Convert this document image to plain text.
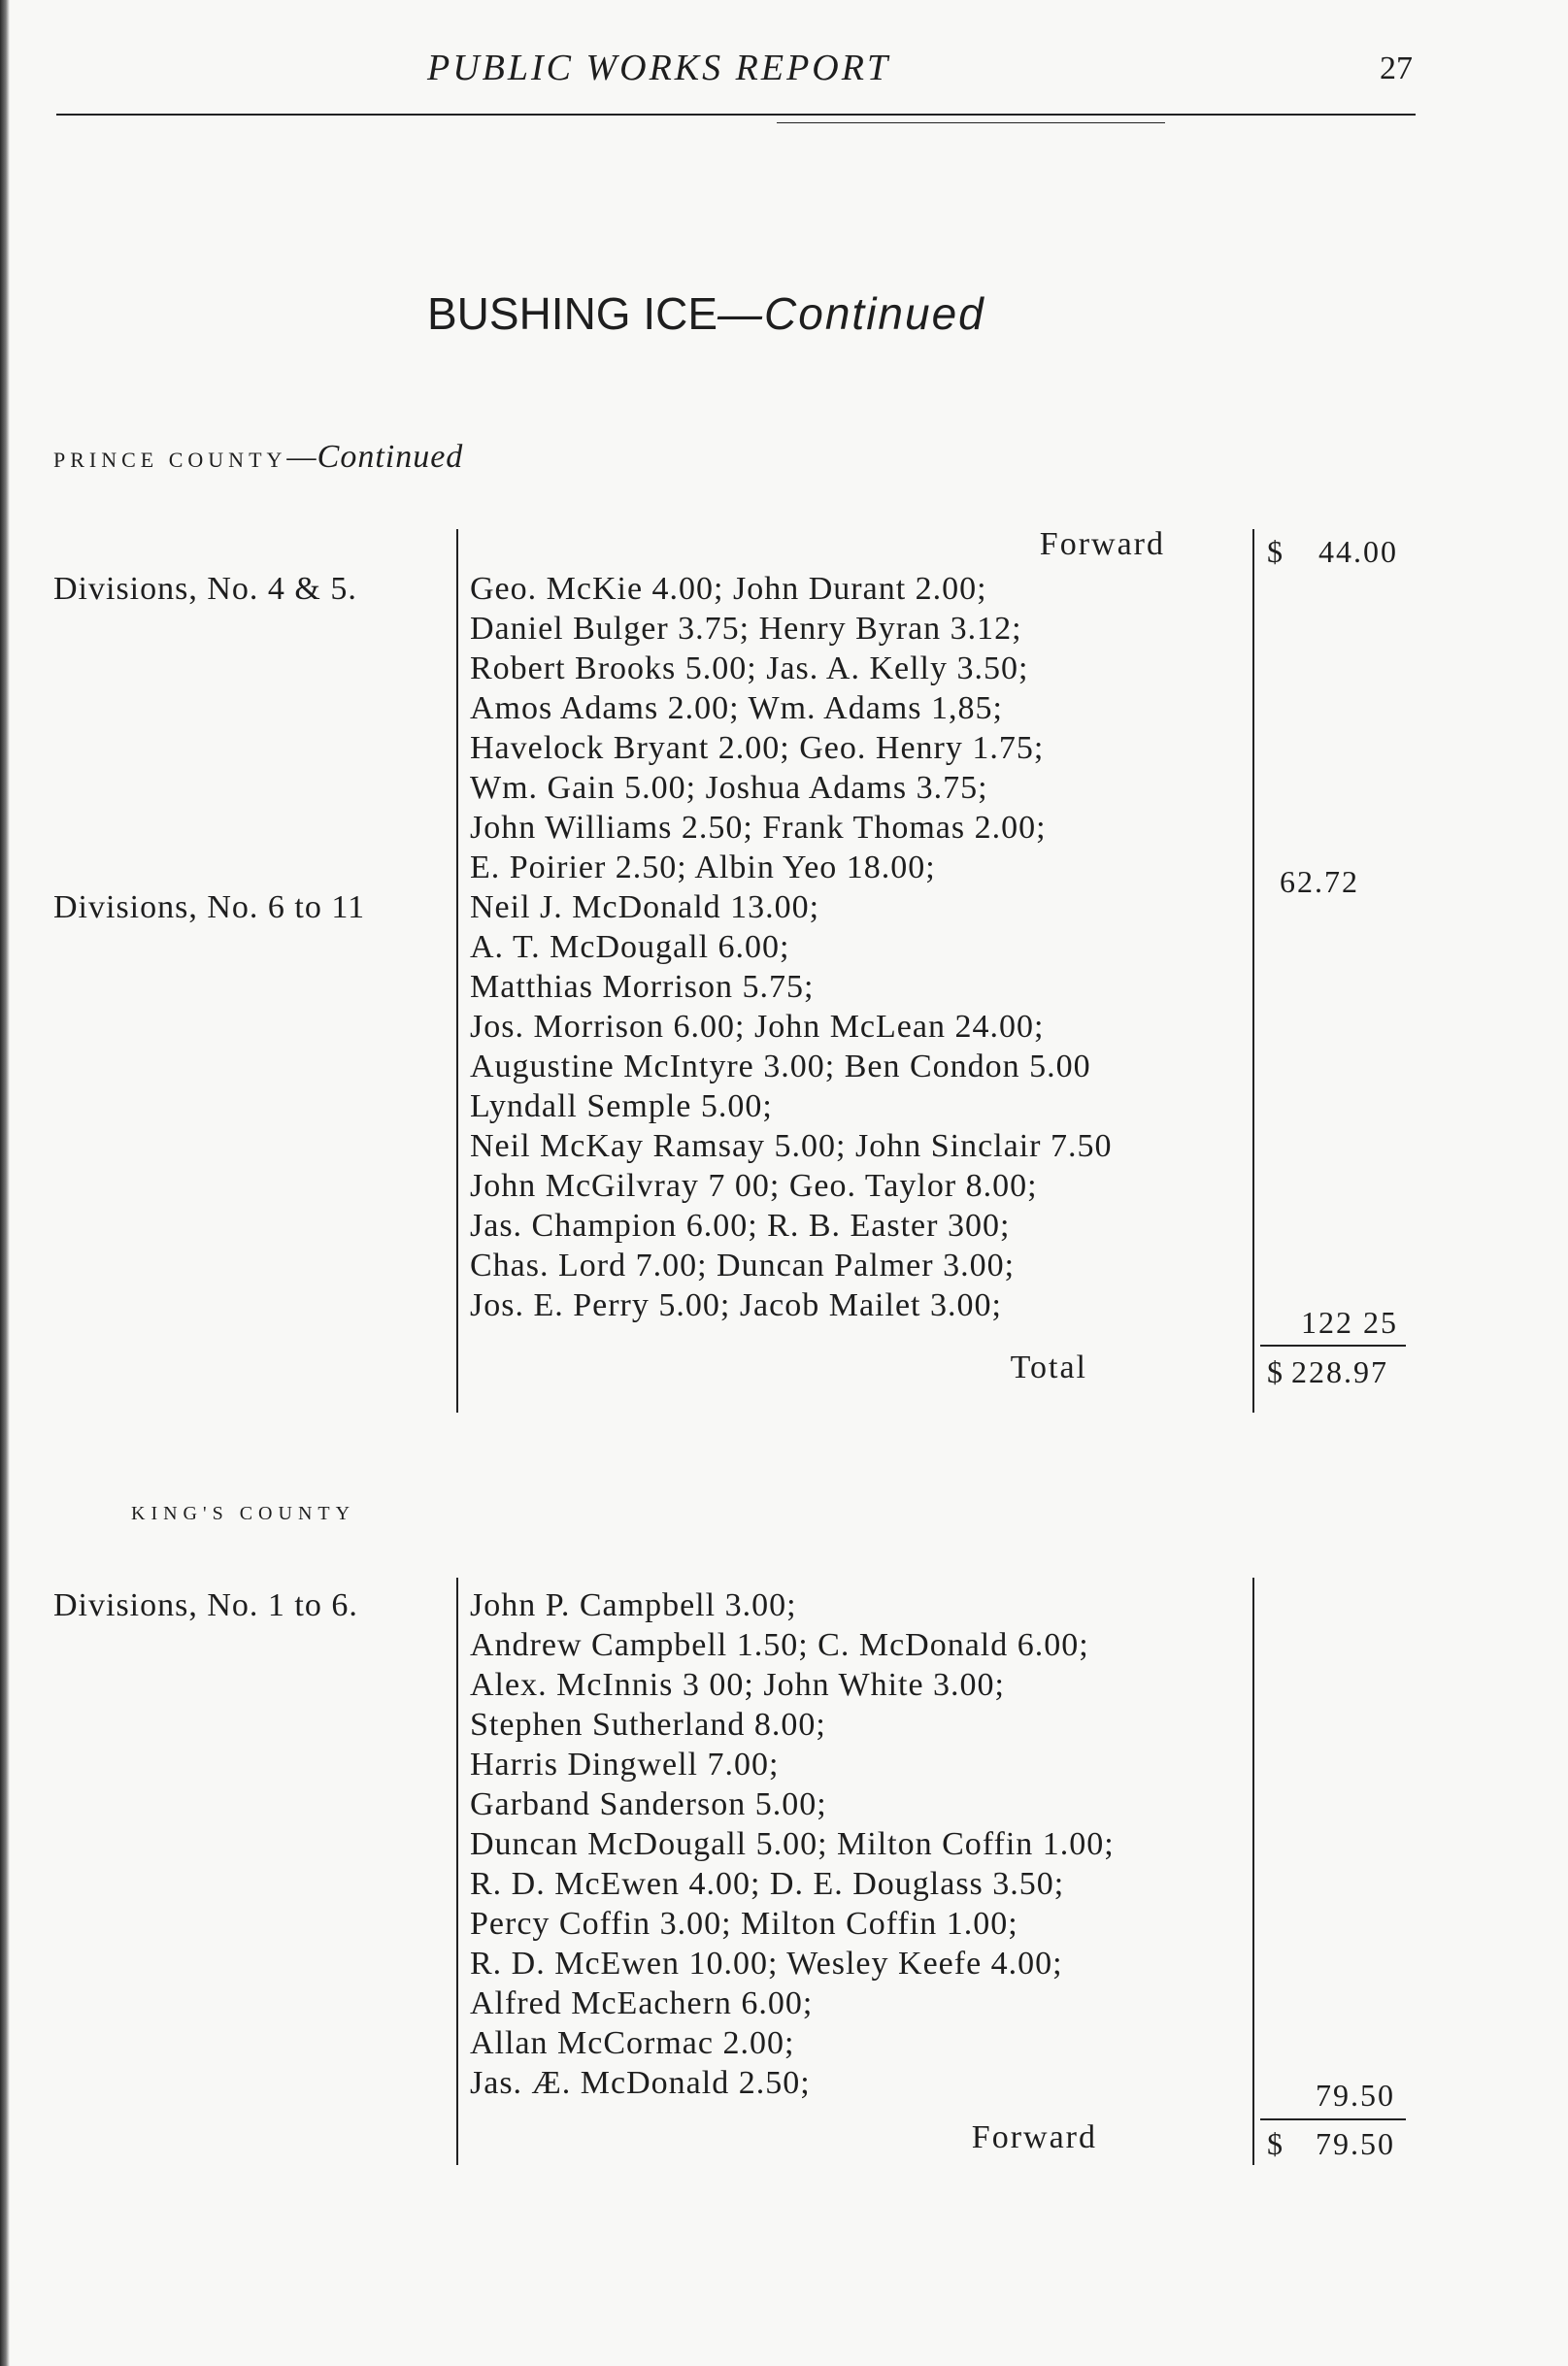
PUBLIC WORKS REPORT	27
BUSHING ICE—Continued
PRINCE COUNTY—Continued
Forward	$ 44.00
Divisions, No. 4 & 5.	Geo. McKie 4.00; John Durant 2.00;
Daniel Bulger 3.75; Henry Byran 3.12;
Robert Brooks 5.00; Jas. A. Kelly 3.50;
Amos Adams 2.00; Wm. Adams 1,85;
Havelock Bryant 2.00; Geo. Henry 1.75;
Wm. Gain 5.00; Joshua Adams 3.75;
John Williams 2.50; Frank Thomas 2.00;
E. Poirier 2.50; Albin Yeo 18.00;	62.72
Divisions, No. 6 to 11	Neil J. McDonald 13.00;
A. T. McDougall 6.00;
Matthias Morrison 5.75;
Jos. Morrison 6.00; John McLean 24.00;
Augustine McIntyre 3.00; Ben Condon 5.00
Lyndall Semple 5.00;
Neil McKay Ramsay 5.00; John Sinclair 7.50
John McGilvray 7 00; Geo. Taylor 8.00;
Jas. Champion 6.00; R. B. Easter 300;
Chas. Lord 7.00; Duncan Palmer 3.00;
Jos. E. Perry 5.00; Jacob Mailet 3.00;	122 25
Total	$ 228.97
KING'S COUNTY
Divisions, No. 1 to 6.	John P. Campbell 3.00;
Andrew Campbell 1.50; C. McDonald 6.00;
Alex. McInnis 3 00; John White 3.00;
Stephen Sutherland 8.00;
Harris Dingwell 7.00;
Garband Sanderson 5.00;
Duncan McDougall 5.00; Milton Coffin 1.00;
R. D. McEwen 4.00; D. E. Douglass 3.50;
Percy Coffin 3.00; Milton Coffin 1.00;
R. D. McEwen 10.00; Wesley Keefe 4.00;
Alfred McEachern 6.00;
Allan McCormac 2.00;
Jas. Æ. McDonald 2.50;	79.50
Forward	$ 79.50
